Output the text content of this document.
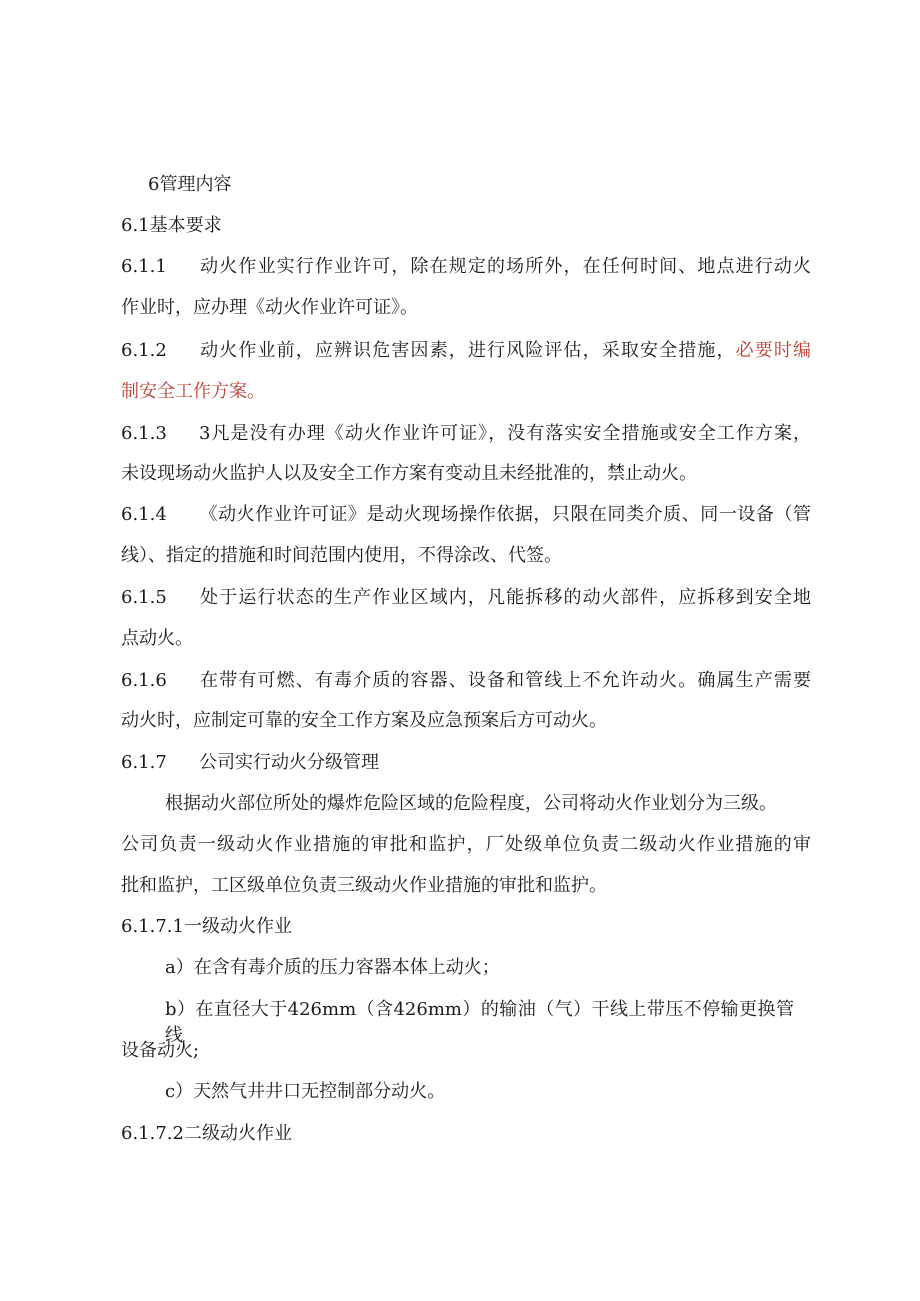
6管理内容
6.1基本要求
6.1.1 动火作业实行作业许可，除在规定的场所外，在任何时间、地点进行动火
作业时，应办理《动火作业许可证》。
6.1.2 动火作业前，应辨识危害因素，进行风险评估，采取安全措施，必要时编
制安全工作方案。
6.1.3 3凡是没有办理《动火作业许可证》，没有落实安全措施或安全工作方案，
未设现场动火监护人以及安全工作方案有变动且未经批准的，禁止动火。
6.1.4 《动火作业许可证》是动火现场操作依据，只限在同类介质、同一设备（管
线）、指定的措施和时间范围内使用，不得涂改、代签。
6.1.5 处于运行状态的生产作业区域内，凡能拆移的动火部件，应拆移到安全地
点动火。
6.1.6 在带有可燃、有毒介质的容器、设备和管线上不允许动火。确属生产需要
动火时，应制定可靠的安全工作方案及应急预案后方可动火。
6.1.7 公司实行动火分级管理
根据动火部位所处的爆炸危险区域的危险程度，公司将动火作业划分为三级。
公司负责一级动火作业措施的审批和监护，厂处级单位负责二级动火作业措施的审
批和监护，工区级单位负责三级动火作业措施的审批和监护。
6.1.7.1一级动火作业
a）在含有毒介质的压力容器本体上动火；
b）在直径大于426mm（含426mm）的输油（气）干线上带压不停输更换管线
设备动火;
c）天然气井井口无控制部分动火。
6.1.7.2二级动火作业
